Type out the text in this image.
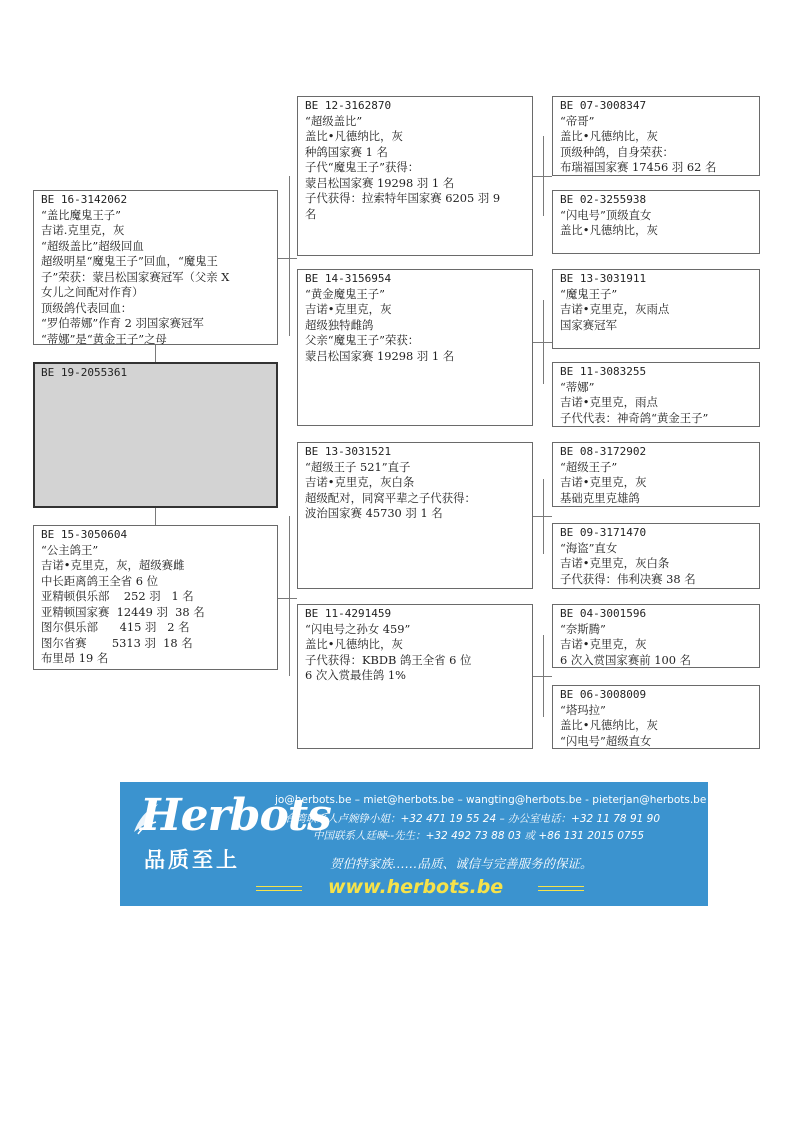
BE 16-3142062
“盖比魔鬼王子”
吉诺.克里克，灰
“超级盖比”超级回血
超级明星“魔鬼王子”回血，“魔鬼王
子”荣获：蒙吕松国家赛冠军（父亲 X
女儿之间配对作育）
顶级鸽代表回血：
“罗伯蒂娜”作育 2 羽国家赛冠军
“蒂娜”是“黄金王子”之母
BE 19-2055361
BE 15-3050604
“公主鸽王”
吉诺•克里克，灰，超级赛雌
中长距离鸽王全省 6 位
亚精顿俱乐部    252 羽   1 名
亚精顿国家赛  12449 羽  38 名
图尔俱乐部      415 羽   2 名
图尔省赛       5313 羽  18 名
布里昂 19 名
BE 12-3162870
“超级盖比”
盖比•凡德纳比，灰
种鸽国家赛 1 名
子代“魔鬼王子”获得：
蒙吕松国家赛 19298 羽 1 名
子代获得：拉索特年国家赛 6205 羽 9
名
BE 14-3156954
“黄金魔鬼王子”
吉诺•克里克，灰
超级独特雌鸽
父亲“魔鬼王子”荣获：
蒙吕松国家赛 19298 羽 1 名
BE 13-3031521
“超级王子 521”直子
吉诺•克里克，灰白条
超级配对，同窝平辈之子代获得：
波治国家赛 45730 羽 1 名
BE 11-4291459
“闪电号之孙女 459”
盖比•凡德纳比，灰
子代获得：KBDB 鸽王全省 6 位
6 次入赏最佳鸽 1%
BE 07-3008347
“帝哥”
盖比•凡德纳比，灰
顶级种鸽，自身荣获：
布瑞福国家赛 17456 羽 62 名
BE 02-3255938
“闪电号”顶级直女
盖比•凡德纳比，灰
BE 13-3031911
“魔鬼王子”
吉诺•克里克，灰雨点
国家赛冠军
BE 11-3083255
“蒂娜”
吉诺•克里克，雨点
子代代表：神奇鸽“黄金王子”
BE 08-3172902
“超级王子”
吉诺•克里克，灰
基础克里克雄鸽
BE 09-3171470
“海盗”直女
吉诺•克里克，灰白条
子代获得：伟利决赛 38 名
BE 04-3001596
“奈斯腾”
吉诺•克里克，灰
6 次入赏国家赛前 100 名
BE 06-3008009
“塔玛拉”
盖比•凡德纳比，灰
“闪电号”超级直女
Herbots
品质至上
jo@herbots.be – miet@herbots.be – wangting@herbots.be - pieterjan@herbots.be
台湾联系人卢婉铮小姐：+32 471 19 55 24 – 办公室电话：+32 11 78 91 90
中国联系人廷暕--先生：+32 492 73 88 03 或 +86 131 2015 0755
贺伯特家族……品质、诚信与完善服务的保证。
www.herbots.be
